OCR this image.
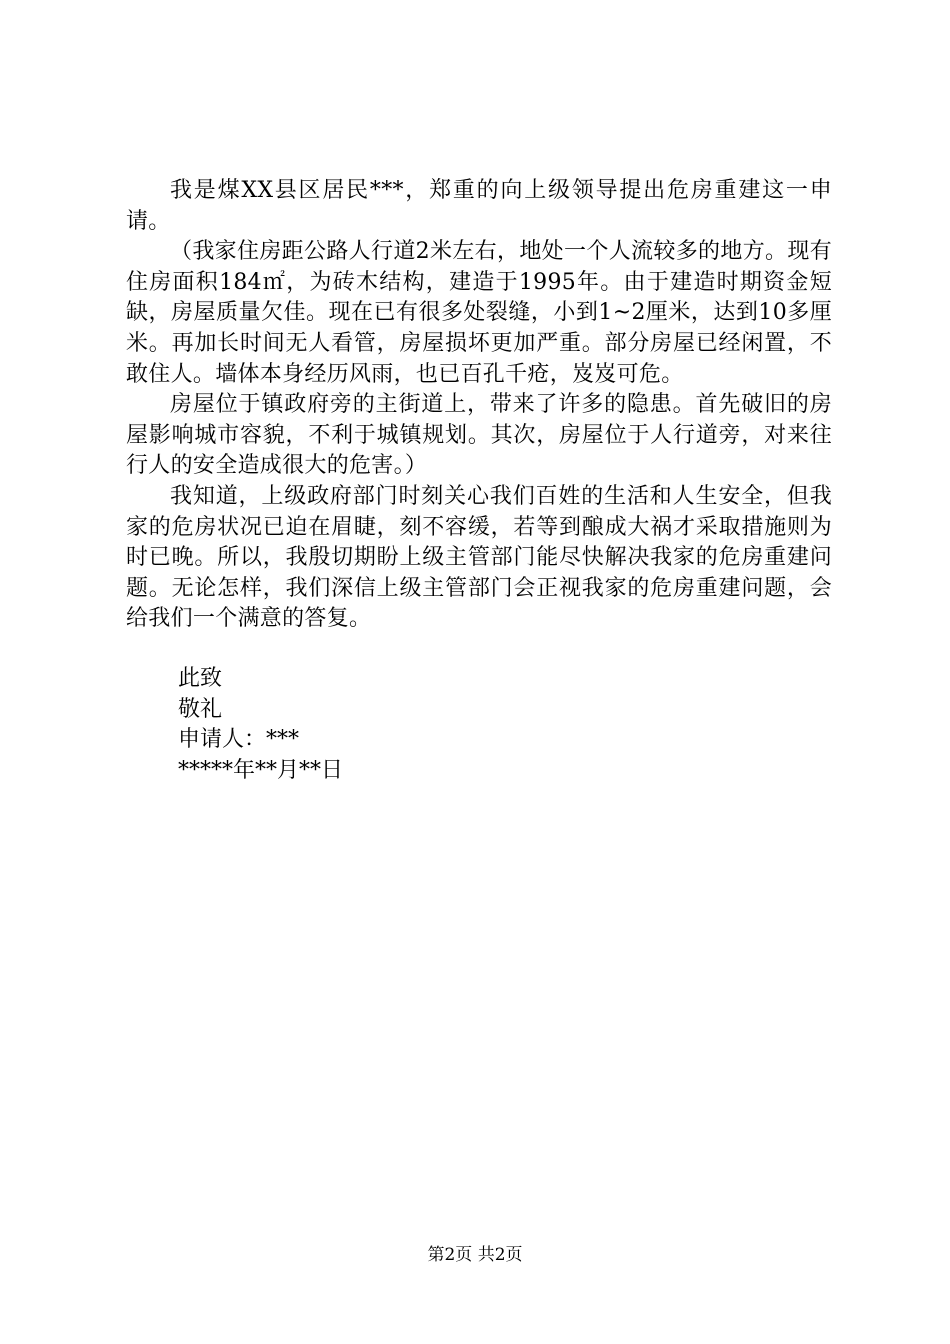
我是煤XX县区居民***，郑重的向上级领导提出危房重建这一申请。

（我家住房距公路人行道2米左右，地处一个人流较多的地方。现有住房面积184㎡，为砖木结构，建造于1995年。由于建造时期资金短缺，房屋质量欠佳。现在已有很多处裂缝，小到1~2厘米，达到10多厘米。再加长时间无人看管，房屋损坏更加严重。部分房屋已经闲置，不敢住人。墙体本身经历风雨，也已百孔千疮，岌岌可危。

房屋位于镇政府旁的主街道上，带来了许多的隐患。首先破旧的房屋影响城市容貌，不利于城镇规划。其次，房屋位于人行道旁，对来往行人的安全造成很大的危害。）

我知道，上级政府部门时刻关心我们百姓的生活和人生安全，但我家的危房状况已迫在眉睫，刻不容缓，若等到酿成大祸才采取措施则为时已晚。所以，我殷切期盼上级主管部门能尽快解决我家的危房重建问题。无论怎样，我们深信上级主管部门会正视我家的危房重建问题，会给我们一个满意的答复。

此致
敬礼
申请人：***
*****年**月**日
第2页 共2页
